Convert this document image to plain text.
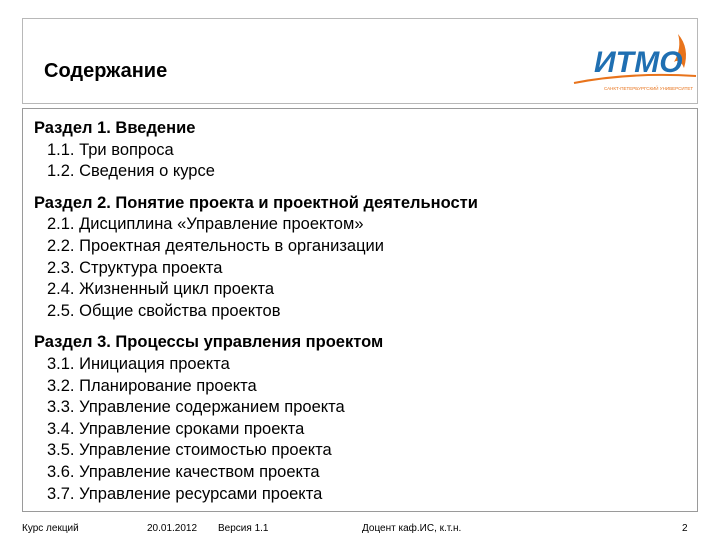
Содержание	ИТМО
САНКТ-ПЕТЕРБУРГСКИЙ УНИВЕРСИТЕТ
Раздел 1. Введение
1.1. Три вопроса
1.2. Сведения о курсе
Раздел 2. Понятие проекта и проектной деятельности
2.1. Дисциплина «Управление проектом»
2.2. Проектная деятельность в организации
2.3. Структура проекта
2.4. Жизненный цикл проекта
2.5. Общие свойства проектов
Раздел 3. Процессы управления проектом
3.1. Инициация проекта
3.2. Планирование проекта
3.3. Управление содержанием проекта
3.4. Управление сроками проекта
3.5. Управление стоимостью проекта
3.6. Управление качеством проекта
3.7. Управление ресурсами проекта
Курс лекций	20.01.2012 Версия 1.1	Доцент каф.ИС, к.т.н.	2
